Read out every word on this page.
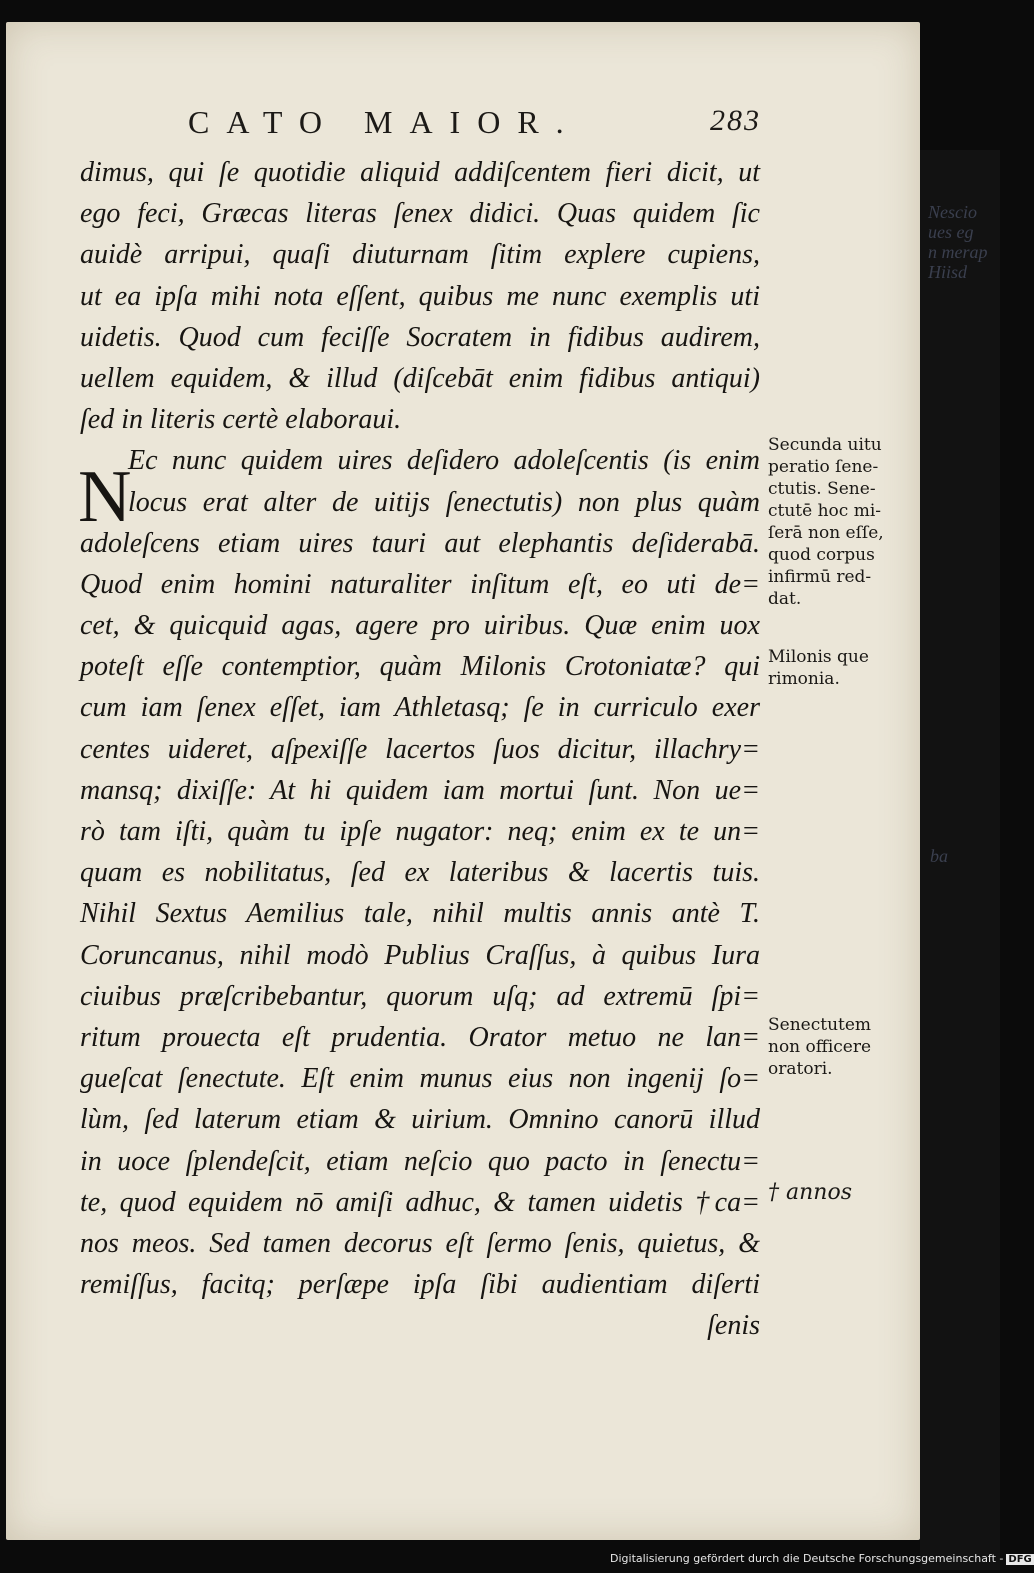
Nescio
ues eg
n merap
Hiisd
ba
CATO MAIOR.	283
dimus, qui ſe quotidie aliquid addiſcentem fieri dicit, ut
ego feci, Græcas literas ſenex didici. Quas quidem ſic
auidè arripui, quaſi diuturnam ſitim explere cupiens,
ut ea ipſa mihi nota eſſent, quibus me nunc exemplis uti
uidetis. Quod cum feciſſe Socratem in fidibus audirem,
uellem equidem, & illud (diſcebāt enim fidibus antiqui)
ſed in literis certè elaboraui.
Ec nunc quidem uires deſidero adoleſcentis (is enim
locus erat alter de uitijs ſenectutis) non plus quàm
adoleſcens etiam uires tauri aut elephantis deſiderabā.
Quod enim homini naturaliter inſitum eſt, eo uti de=
cet, & quicquid agas, agere pro uiribus. Quæ enim uox
poteſt eſſe contemptior, quàm Milonis Crotoniatæ? qui
cum iam ſenex eſſet, iam Athletasq; ſe in curriculo exer
centes uideret, aſpexiſſe lacertos ſuos dicitur, illachry=
mansq; dixiſſe: At hi quidem iam mortui ſunt. Non ue=
rò tam iſti, quàm tu ipſe nugator: neq; enim ex te un=
quam es nobilitatus, ſed ex lateribus & lacertis tuis.
Nihil Sextus Aemilius tale, nihil multis annis antè T.
Coruncanus, nihil modò Publius Craſſus, à quibus Iura
ciuibus præſcribebantur, quorum uſq; ad extremū ſpi=
ritum prouecta eſt prudentia. Orator metuo ne lan=
gueſcat ſenectute. Eſt enim munus eius non ingenij ſo=
lùm, ſed laterum etiam & uirium. Omnino canorū illud
in uoce ſplendeſcit, etiam neſcio quo pacto in ſenectu=
te, quod equidem nō amiſi adhuc, & tamen uidetis †ca=
nos meos. Sed tamen decorus eſt ſermo ſenis, quietus, &
remiſſus, facitq; perſæpe ipſa ſibi audientiam diſerti
ſenis
N
Secunda uitu
peratio ſene-
ctutis. Sene-
ctutē hoc mi-
ſerā non eſſe,
quod corpus
infirmū red-
dat.
Milonis que
rimonia.
Senectutem
non officere
oratori.
† annos
Digitalisierung gefördert durch die Deutsche Forschungsgemeinschaft - DFG
